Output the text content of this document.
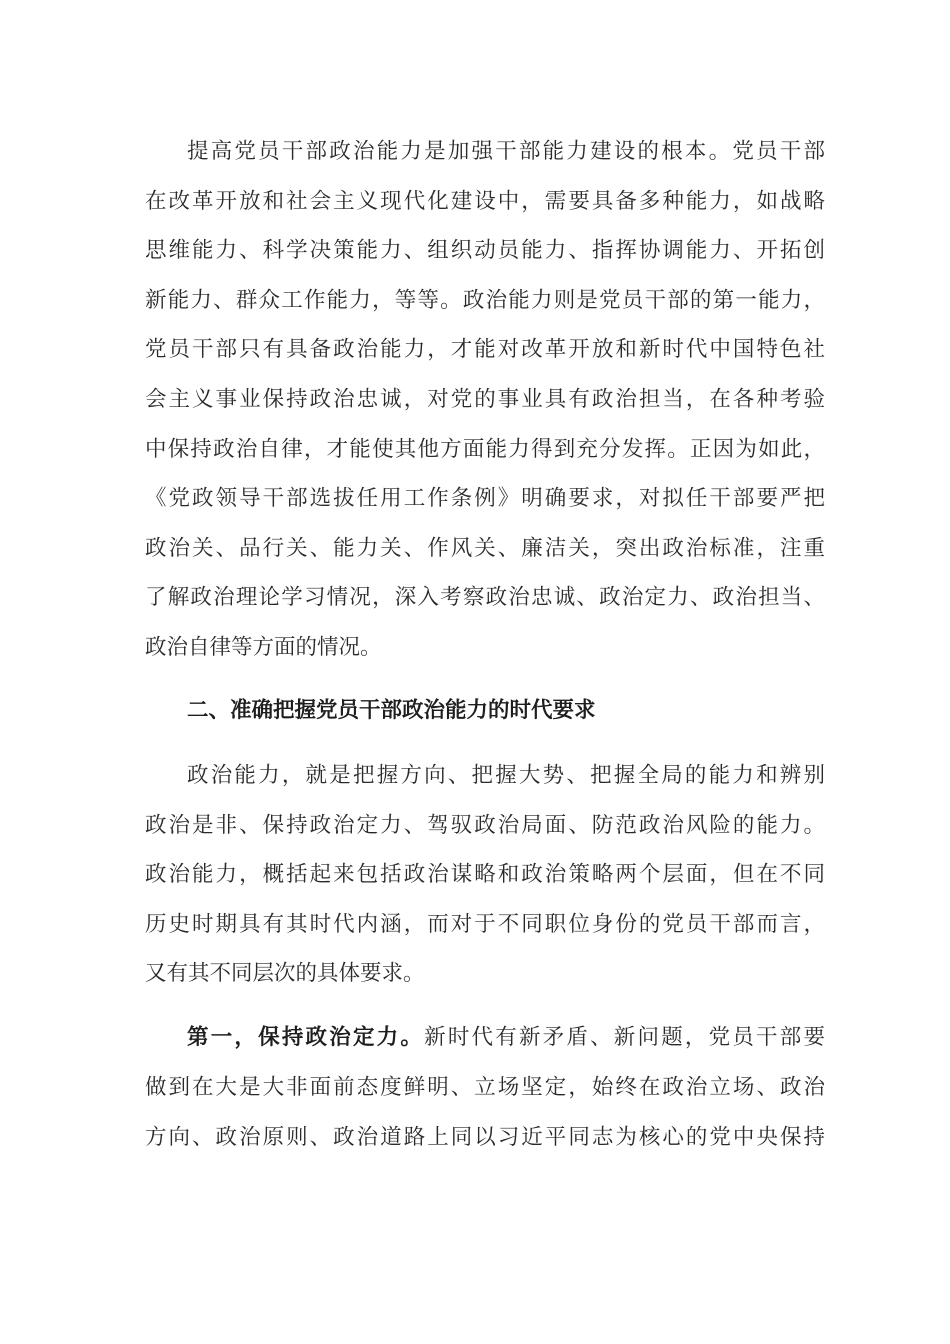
提高党员干部政治能力是加强干部能力建设的根本。党员干部
在改革开放和社会主义现代化建设中，需要具备多种能力，如战略
思维能力、科学决策能力、组织动员能力、指挥协调能力、开拓创
新能力、群众工作能力，等等。政治能力则是党员干部的第一能力，
党员干部只有具备政治能力，才能对改革开放和新时代中国特色社
会主义事业保持政治忠诚，对党的事业具有政治担当，在各种考验
中保持政治自律，才能使其他方面能力得到充分发挥。正因为如此，
《党政领导干部选拔任用工作条例》明确要求，对拟任干部要严把
政治关、品行关、能力关、作风关、廉洁关，突出政治标准，注重
了解政治理论学习情况，深入考察政治忠诚、政治定力、政治担当、
政治自律等方面的情况。
二、准确把握党员干部政治能力的时代要求
政治能力，就是把握方向、把握大势、把握全局的能力和辨别
政治是非、保持政治定力、驾驭政治局面、防范政治风险的能力。
政治能力，概括起来包括政治谋略和政治策略两个层面，但在不同
历史时期具有其时代内涵，而对于不同职位身份的党员干部而言，
又有其不同层次的具体要求。
第一，保持政治定力。新时代有新矛盾、新问题，党员干部要
做到在大是大非面前态度鲜明、立场坚定，始终在政治立场、政治
方向、政治原则、政治道路上同以习近平同志为核心的党中央保持
